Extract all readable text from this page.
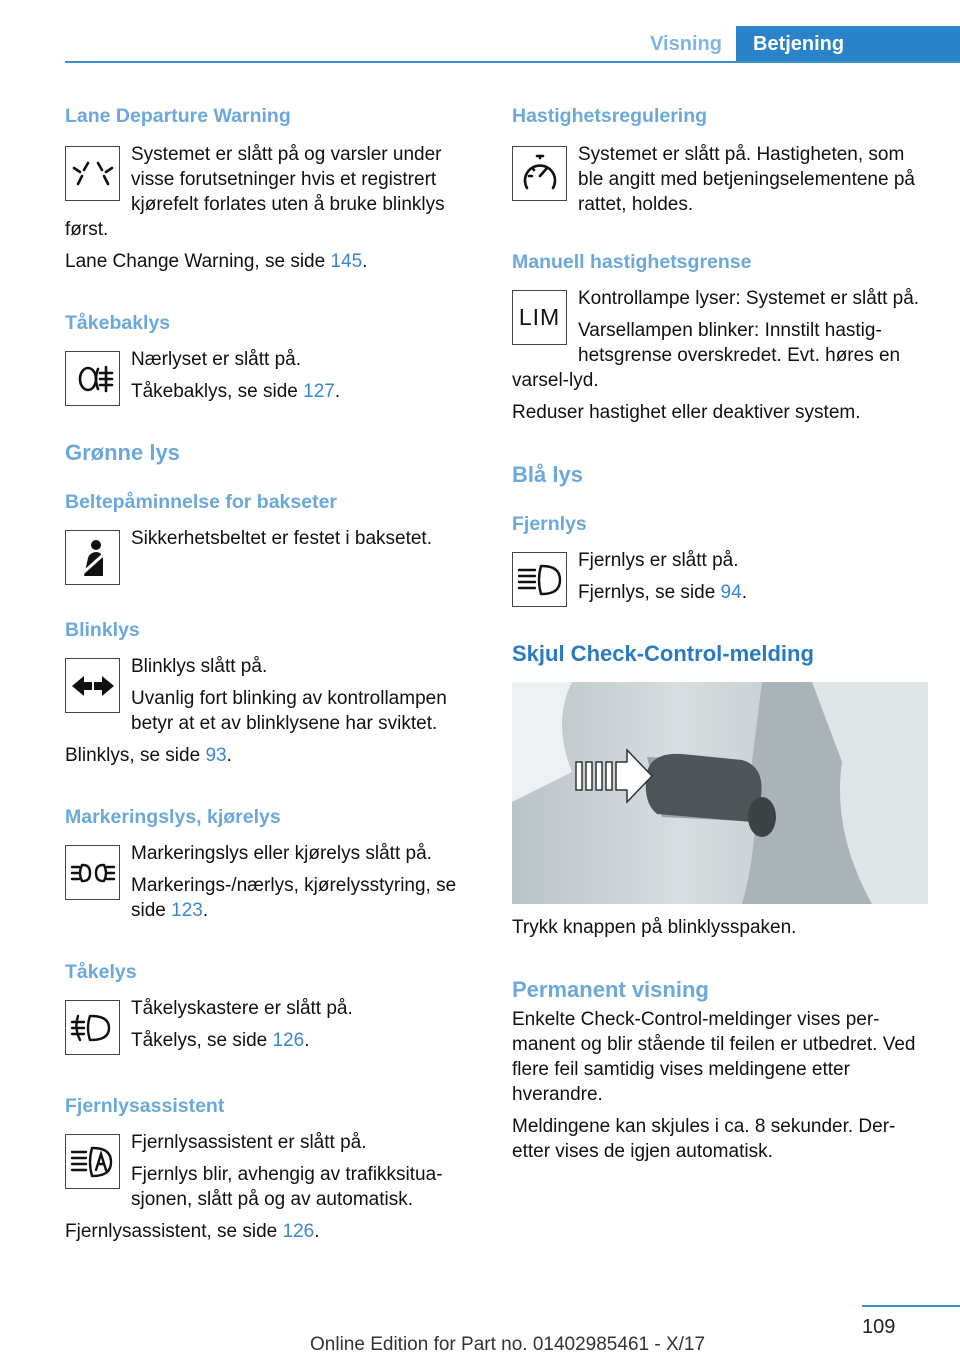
Visning	Betjening
Lane Departure Warning

Systemet er slått på og varsler under visse forutsetninger hvis et registrert kjørefelt forlates uten å bruke blinklys først.

Lane Change Warning, se side 145.

Tåkebaklys

Nærlyset er slått på.

Tåkebaklys, se side 127.

Grønne lys
Beltepåminnelse for bakseter

Sikkerhetsbeltet er festet i baksetet.

Blinklys

Blinklys slått på.

Uvanlig fort blinking av kontrollampen betyr at et av blinklysene har sviktet.

Blinklys, se side 93.

Markeringslys, kjørelys

Markeringslys eller kjørelys slått på.

Markerings-/nærlys, kjørelysstyring, se side 123.

Tåkelys

Tåkelyskastere er slått på.

Tåkelys, se side 126.

Fjernlysassistent

Fjernlysassistent er slått på.

Fjernlys blir, avhengig av trafikksitua-sjonen, slått på og av automatisk.

Fjernlysassistent, se side 126.

Hastighetsregulering

Systemet er slått på. Hastigheten, som ble angitt med betjeningselementene på rattet, holdes.

Manuell hastighetsgrense
LIM

Kontrollampe lyser: Systemet er slått på.

Varsellampen blinker: Innstilt hastig-hetsgrense overskredet. Evt. høres en varsel-lyd.

Reduser hastighet eller deaktiver system.

Blå lys
Fjernlys

Fjernlys er slått på.

Fjernlys, se side 94.

Skjul Check-Control-melding

Trykk knappen på blinklysspaken.

Permanent visning

Enkelte Check-Control-meldinger vises per-manent og blir stående til feilen er utbedret. Ved flere feil samtidig vises meldingene etter hverandre.

Meldingene kan skjules i ca. 8 sekunder. Der-etter vises de igjen automatisk.

109
Online Edition for Part no. 01402985461 - X/17
